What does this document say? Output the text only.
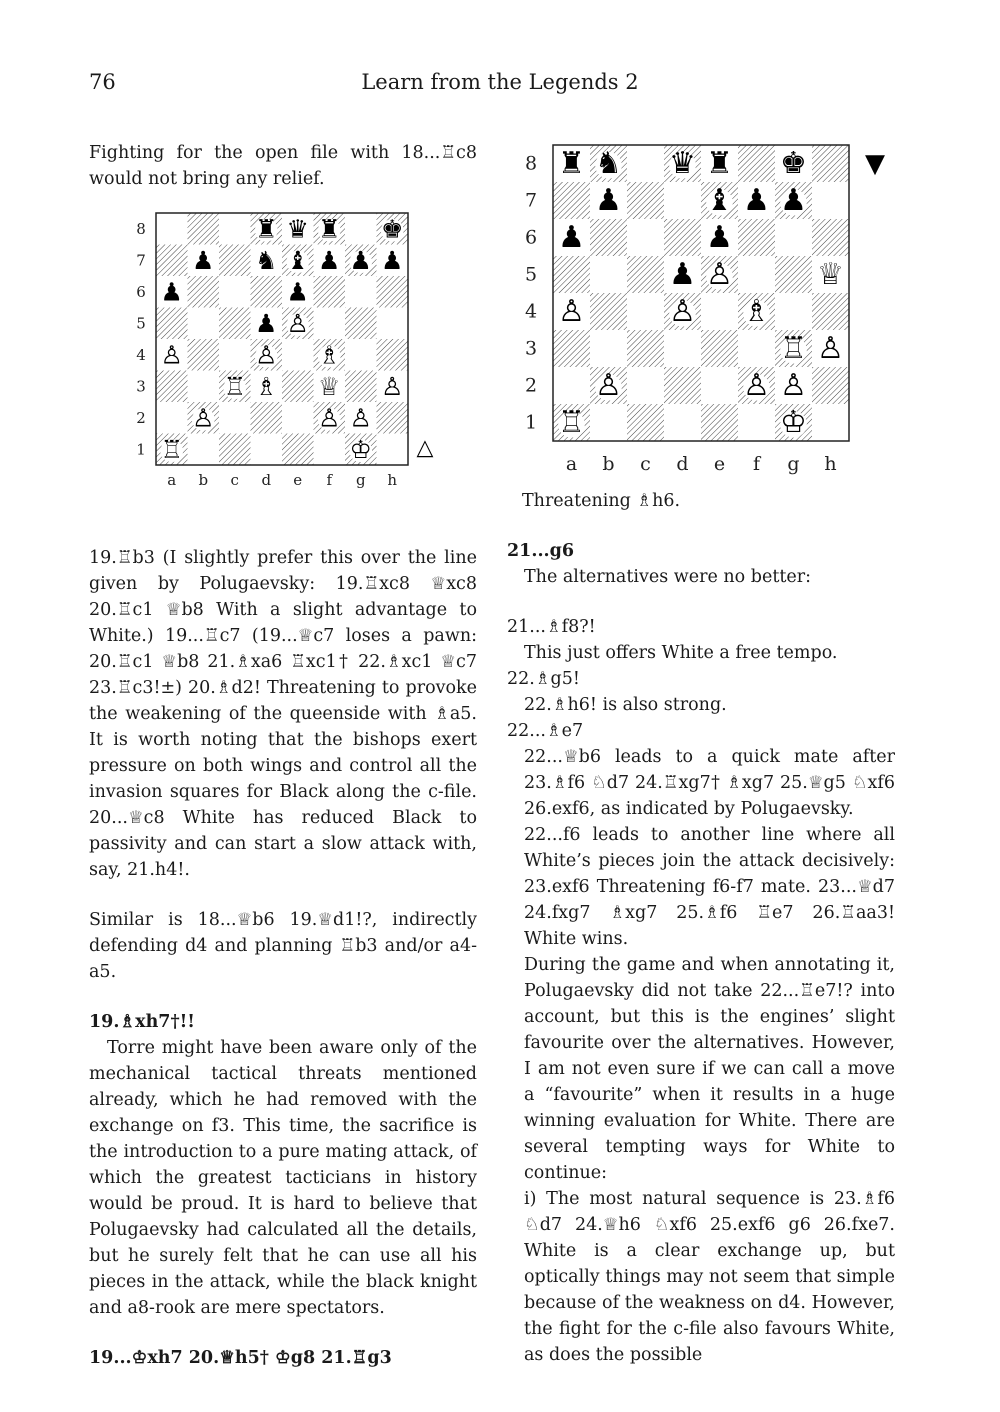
76	Learn from the Legends 2

Fighting for the open file with 18...♖c8 would not bring any relief.

19.♖b3 (I slightly prefer this over the line given by Polugaevsky: 19.♖xc8 ♕xc8 20.♖c1 ♕b8 With a slight advantage to White.) 19...♖c7 (19...♕c7 loses a pawn: 20.♖c1 ♕b8 21.♗xa6 ♖xc1† 22.♗xc1 ♕c7 23.♖c3!±) 20.♗d2! Threatening to provoke the weakening of the queenside with ♗a5. It is worth noting that the bishops exert pressure on both wings and control all the invasion squares for Black along the c-file. 20...♕c8 White has reduced Black to passivity and can start a slow attack with, say, 21.h4!.

Similar is 18...♕b6 19.♕d1!?, indirectly defending d4 and planning ♖b3 and/or a4-a5.

19.♗xh7†!!

Torre might have been aware only of the mechanical tactical threats mentioned already, which he had removed with the exchange on f3. This time, the sacrifice is the introduction to a pure mating attack, of which the greatest tacticians in history would be proud. It is hard to believe that Polugaevsky had calculated all the details, but he surely felt that he can use all his pieces in the attack, while the black knight and a8-rook are mere spectators.

19...♔xh7 20.♕h5† ♔g8 21.♖g3

Threatening ♗h6.

21...g6

The alternatives were no better:

21...♗f8?!

This just offers White a free tempo.

22.♗g5!

22.♗h6! is also strong.

22...♗e7

22...♕b6 leads to a quick mate after 23.♗f6 ♘d7 24.♖xg7† ♗xg7 25.♕g5 ♘xf6 26.exf6, as indicated by Polugaevsky.

22...f6 leads to another line where all White’s pieces join the attack decisively: 23.exf6 Threatening f6-f7 mate. 23...♕d7 24.fxg7 ♗xg7 25.♗f6 ♖e7 26.♖aa3! White wins.

During the game and when annotating it, Polugaevsky did not take 22...♖e7!? into account, but this is the engines’ slight favourite over the alternatives. However, I am not even sure if we can call a move a “favourite” when it results in a huge winning evaluation for White. There are several tempting ways for White to continue:

i) The most natural sequence is 23.♗f6 ♘d7 24.♕h6 ♘xf6 25.exf6 g6 26.fxe7. White is a clear exchange up, but optically things may not seem that simple because of the weakness on d4. However, the fight for the c-file also favours White, as does the possible

8
7
6
5
4
3
2
1
a b c d e f g h
♜ ♛ ♜ ♚
♟ ♞ ♝ ♟ ♟ ♟
♟	♟
♟ ♙
♙	♙ ♗
♖ ♗ ♕ ♙
♙	♙ ♙
♖	♔ △
8
7
6
5
4
3
2
1
a b c d e f g h
♜ ♞ ♛ ♜ ♚
♟	♝ ♟ ♟
♟	♟
♟ ♙	♕
♙	♙ ♗
♖ ♙
♙	♙ ♙
♖	♔
▼
